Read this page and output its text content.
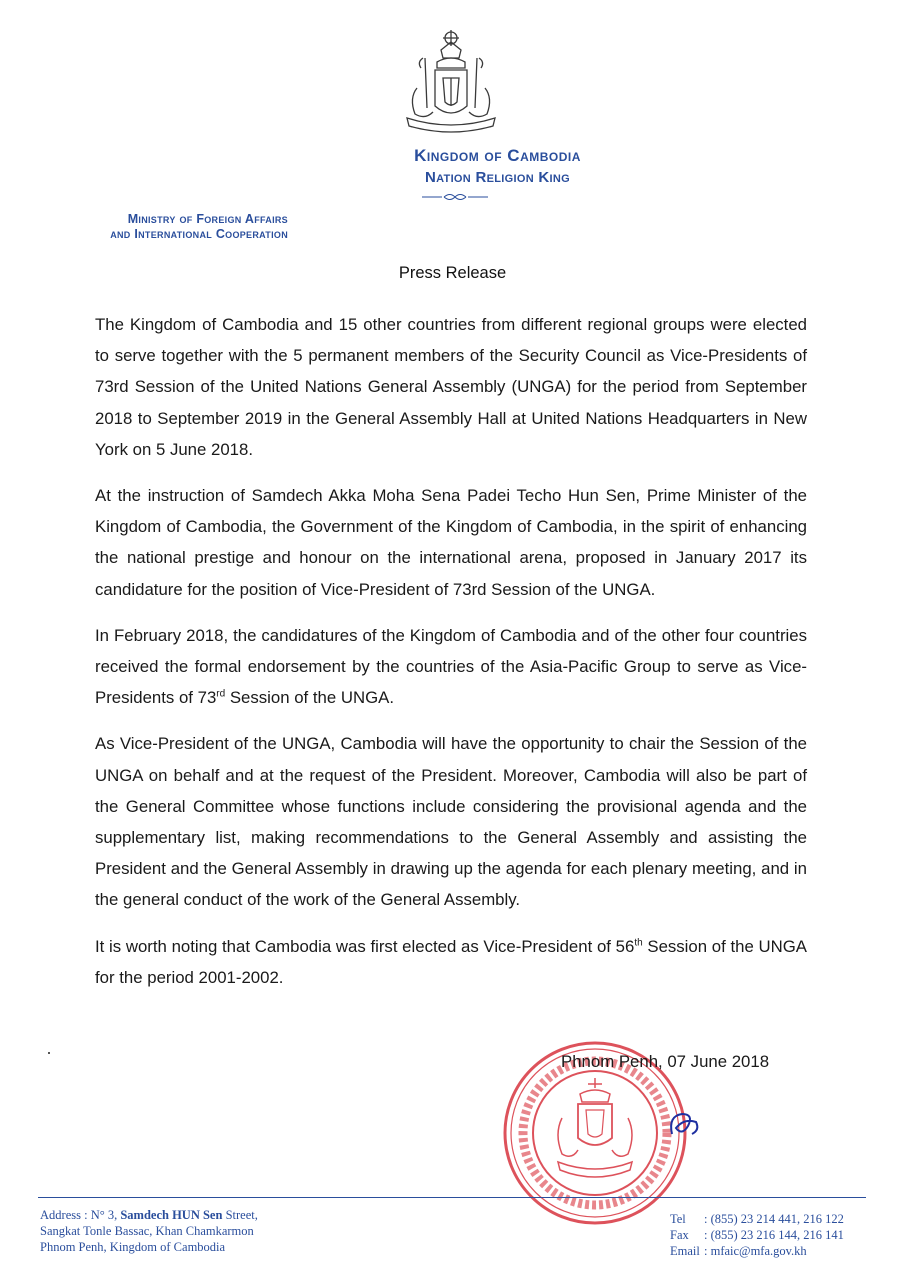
Kingdom of Cambodia
Nation Religion King
Ministry of Foreign Affairs
and International Cooperation
Press Release

The Kingdom of Cambodia and 15 other countries from different regional groups were elected to serve together with the 5 permanent members of the Security Council as Vice-Presidents of 73rd Session of the United Nations General Assembly (UNGA) for the period from September 2018 to September 2019 in the General Assembly Hall at United Nations Headquarters in New York on 5 June 2018.

At the instruction of Samdech Akka Moha Sena Padei Techo Hun Sen, Prime Minister of the Kingdom of Cambodia, the Government of the Kingdom of Cambodia, in the spirit of enhancing the national prestige and honour on the international arena, proposed in January 2017 its candidature for the position of Vice-President of 73rd Session of the UNGA.

In February 2018, the candidatures of the Kingdom of Cambodia and of the other four countries received the formal endorsement by the countries of the Asia-Pacific Group to serve as Vice-Presidents of 73rd Session of the UNGA.

As Vice-President of the UNGA, Cambodia will have the opportunity to chair the Session of the UNGA on behalf and at the request of the President. Moreover, Cambodia will also be part of the General Committee whose functions include considering the provisional agenda and the supplementary list, making recommendations to the General Assembly and assisting the President and the General Assembly in drawing up the agenda for each plenary meeting, and in the general conduct of the work of the General Assembly.

It is worth noting that Cambodia was first elected as Vice-President of 56th Session of the UNGA for the period 2001-2002.

Phnom Penh, 07 June 2018
Address : N° 3, Samdech HUN Sen Street,
Sangkat Tonle Bassac, Khan Chamkarmon
Phnom Penh, Kingdom of Cambodia
Tel : (855) 23 214 441, 216 122
Fax : (855) 23 216 144, 216 141
Email : mfaic@mfa.gov.kh
